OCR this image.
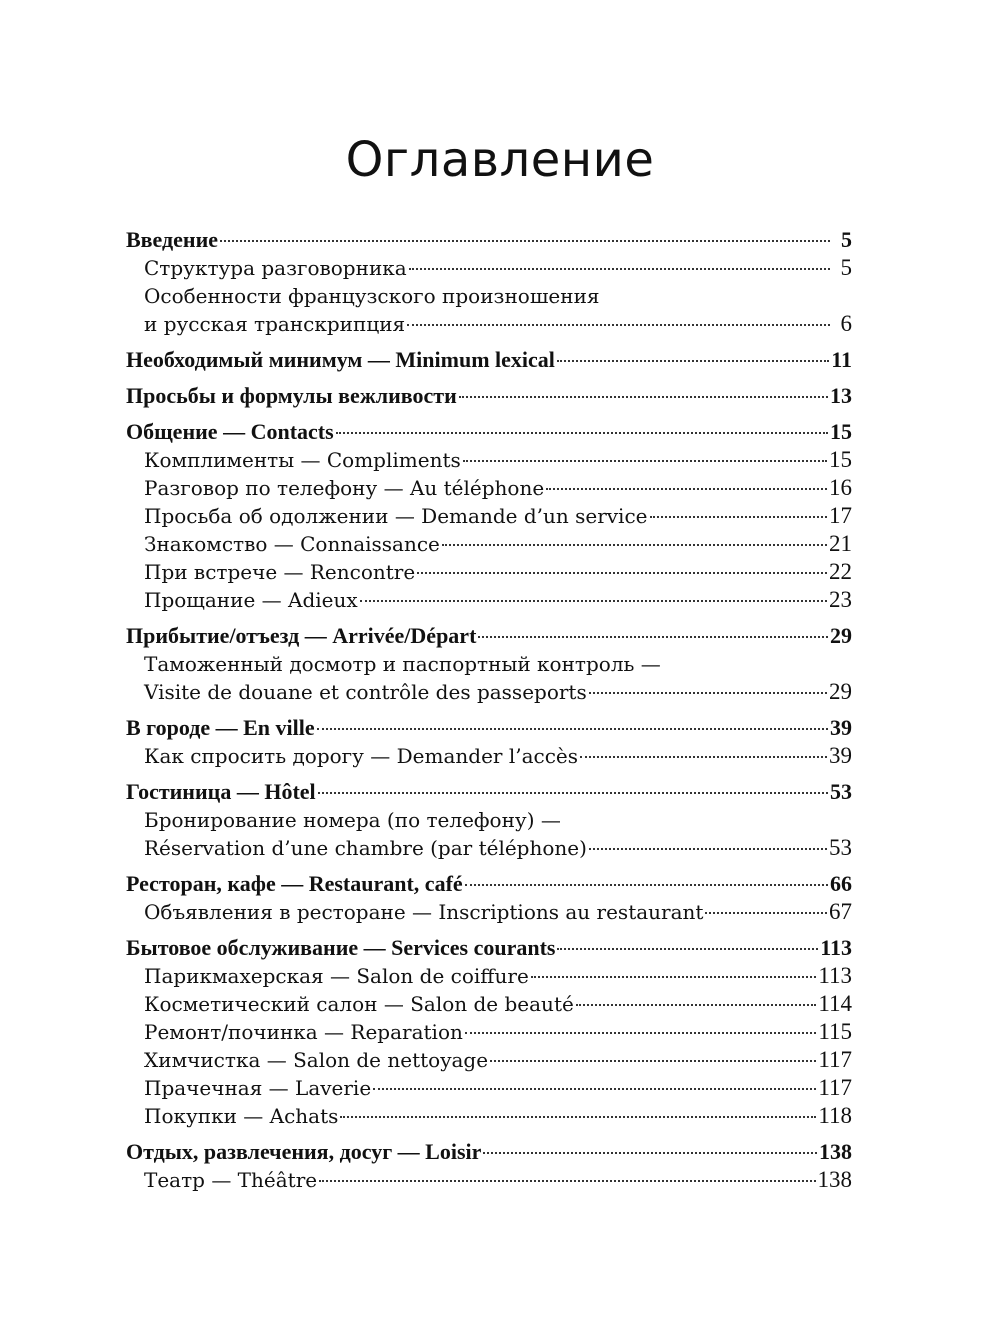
Оглавление
Введение	5
Структура разговорника	5
Особенности французского произношения
и русская транскрипция	6
Необходимый минимум — Minimum lexical	11
Просьбы и формулы вежливости	13
Общение — Contacts	15
Комплименты — Compliments	15
Разговор по телефону — Au téléphone	16
Просьба об одолжении — Demande d’un service	17
Знакомство — Connaissance	21
При встрече — Rencontre	22
Прощание — Adieux	23
Прибытие/отъезд — Arrivée/Départ	29
Таможенный досмотр и паспортный контроль —
Visite de douane et contrôle des passeports	29
В городе — En ville	39
Как спросить дорогу — Demander l’accès	39
Гостиница — Hôtel	53
Бронирование номера (по телефону) —
Réservation d’une chambre (par téléphone)	53
Ресторан, кафе — Restaurant, café	66
Объявления в ресторане — Inscriptions au restaurant	67
Бытовое обслуживание — Services courants	113
Парикмахерская — Salon de coiffure	113
Косметический салон — Salon de beauté	114
Ремонт/починка — Reparation	115
Химчистка — Salon de nettoyage	117
Прачечная — Laverie	117
Покупки — Achats	118
Отдых, развлечения, досуг — Loisir	138
Театр — Théâtre	138
